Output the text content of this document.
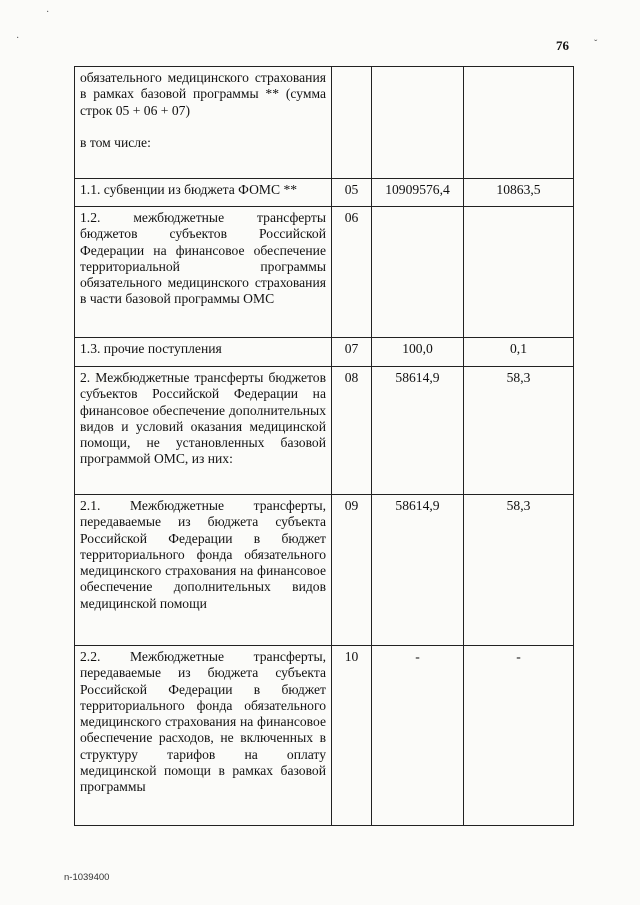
·
·
ˇ
76
обязательного медицинского страхования в рамках базовой программы ** (сумма строк 05 + 06 + 07)
в том числе:			

1.1. субвенции из бюджета ФОМС **	05	10909576,4	10863,5
1.2. межбюджетные трансферты бюджетов субъектов Российской Федерации на финансовое обеспечение территориальной программы обязательного медицинского страхования в части базовой программы ОМС	06		
1.3. прочие поступления	07	100,0	0,1
2. Межбюджетные трансферты бюджетов субъектов Российской Федерации на финансовое обеспечение дополнительных видов и условий оказания медицинской помощи, не установленных базовой программой ОМС, из них:	08	58614,9	58,3
2.1. Межбюджетные трансферты, передаваемые из бюджета субъекта Российской Федерации в бюджет территориального фонда обязательного медицинского страхования на финансовое обеспечение дополнительных видов медицинской помощи	09	58614,9	58,3
2.2. Межбюджетные трансферты, передаваемые из бюджета субъекта Российской Федерации в бюджет территориального фонда обязательного медицинского страхования на финансовое обеспечение расходов, не включенных в структуру тарифов на оплату медицинской помощи в рамках базовой программы	10	-	-
n-1039400
